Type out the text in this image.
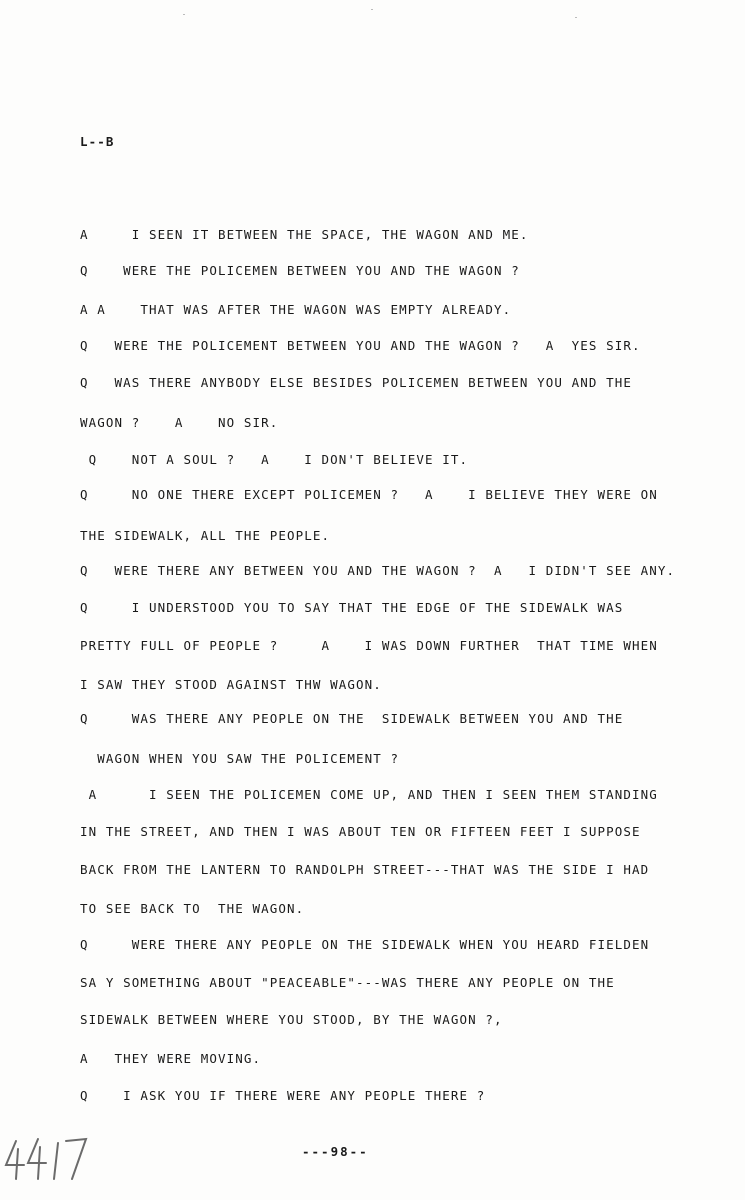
L--B
A     I SEEN IT BETWEEN THE SPACE, THE WAGON AND ME.
Q    WERE THE POLICEMEN BETWEEN YOU AND THE WAGON ?
A A    THAT WAS AFTER THE WAGON WAS EMPTY ALREADY.
Q   WERE THE POLICEMENT BETWEEN YOU AND THE WAGON ?   A  YES SIR.
Q   WAS THERE ANYBODY ELSE BESIDES POLICEMEN BETWEEN YOU AND THE
WAGON ?    A    NO SIR.
Q    NOT A SOUL ?   A    I DON'T BELIEVE IT.
Q     NO ONE THERE EXCEPT POLICEMEN ?   A    I BELIEVE THEY WERE ON
THE SIDEWALK, ALL THE PEOPLE.
Q   WERE THERE ANY BETWEEN YOU AND THE WAGON ?  A   I DIDN'T SEE ANY.
Q     I UNDERSTOOD YOU TO SAY THAT THE EDGE OF THE SIDEWALK WAS
PRETTY FULL OF PEOPLE ?     A    I WAS DOWN FURTHER  THAT TIME WHEN
I SAW THEY STOOD AGAINST THW WAGON.
Q     WAS THERE ANY PEOPLE ON THE  SIDEWALK BETWEEN YOU AND THE
WAGON WHEN YOU SAW THE POLICEMENT ?
A      I SEEN THE POLICEMEN COME UP, AND THEN I SEEN THEM STANDING
IN THE STREET, AND THEN I WAS ABOUT TEN OR FIFTEEN FEET I SUPPOSE
BACK FROM THE LANTERN TO RANDOLPH STREET---THAT WAS THE SIDE I HAD
TO SEE BACK TO  THE WAGON.
Q     WERE THERE ANY PEOPLE ON THE SIDEWALK WHEN YOU HEARD FIELDEN
SA Y SOMETHING ABOUT "PEACEABLE"---WAS THERE ANY PEOPLE ON THE
SIDEWALK BETWEEN WHERE YOU STOOD, BY THE WAGON ?,
A   THEY WERE MOVING.
Q    I ASK YOU IF THERE WERE ANY PEOPLE THERE ?
---98--
